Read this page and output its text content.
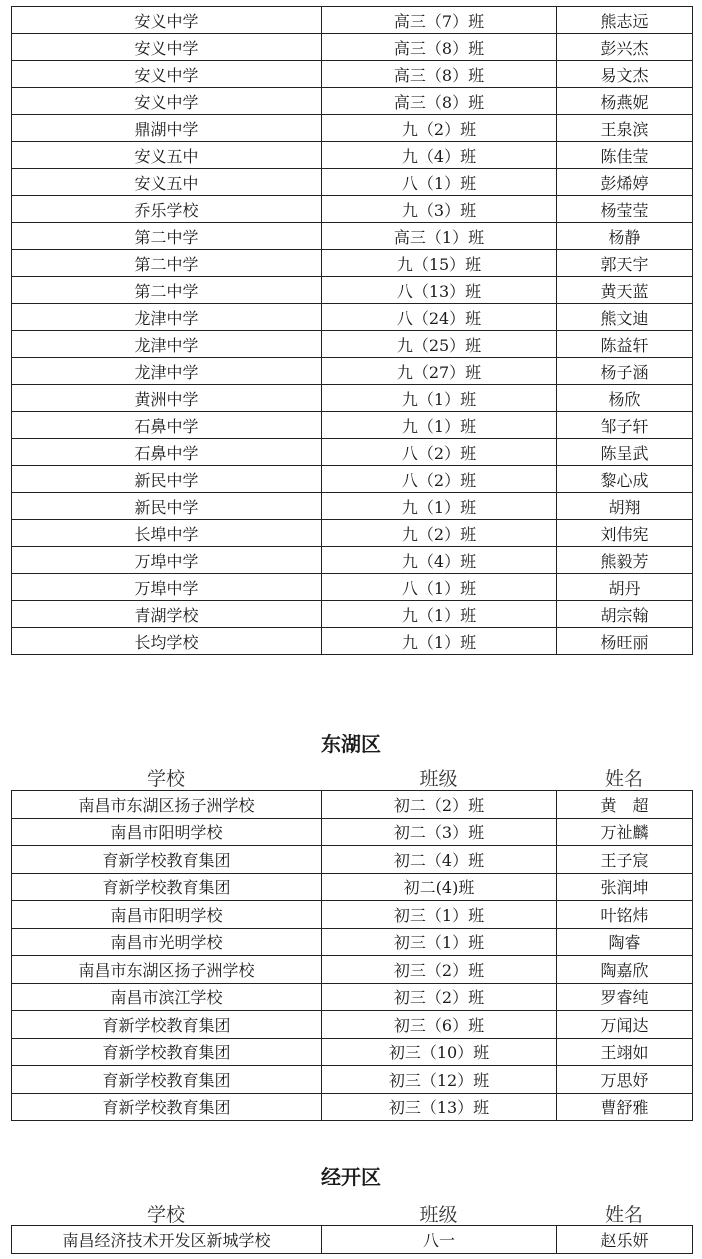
安义中学	高三（7）班	熊志远
安义中学	高三（8）班	彭兴杰
安义中学	高三（8）班	易文杰
安义中学	高三（8）班	杨燕妮
鼎湖中学	九（2）班	王泉滨
安义五中	九（4）班	陈佳莹
安义五中	八（1）班	彭烯婷
乔乐学校	九（3）班	杨莹莹
第二中学	高三（1）班	杨静
第二中学	九（15）班	郭天宇
第二中学	八（13）班	黄天蓝
龙津中学	八（24）班	熊文迪
龙津中学	九（25）班	陈益轩
龙津中学	九（27）班	杨子涵
黄洲中学	九（1）班	杨欣
石鼻中学	九（1）班	邹子轩
石鼻中学	八（2）班	陈呈武
新民中学	八（2）班	黎心成
新民中学	九（1）班	胡翔
长埠中学	九（2）班	刘伟宪
万埠中学	九（4）班	熊毅芳
万埠中学	八（1）班	胡丹
青湖学校	九（1）班	胡宗翰
长均学校	九（1）班	杨旺丽
东湖区
学校	班级	姓名
南昌市东湖区扬子洲学校	初二（2）班	黄　超
南昌市阳明学校	初二（3）班	万祉麟
育新学校教育集团	初二（4）班	王子宸
育新学校教育集团	初二(4)班	张润坤
南昌市阳明学校	初三（1）班	叶铭炜
南昌市光明学校	初三（1）班	陶睿
南昌市东湖区扬子洲学校	初三（2）班	陶嘉欣
南昌市滨江学校	初三（2）班	罗睿纯
育新学校教育集团	初三（6）班	万闻达
育新学校教育集团	初三（10）班	王翊如
育新学校教育集团	初三（12）班	万思妤
育新学校教育集团	初三（13）班	曹舒雅
经开区
学校	班级	姓名
南昌经济技术开发区新城学校	八一	赵乐妍
